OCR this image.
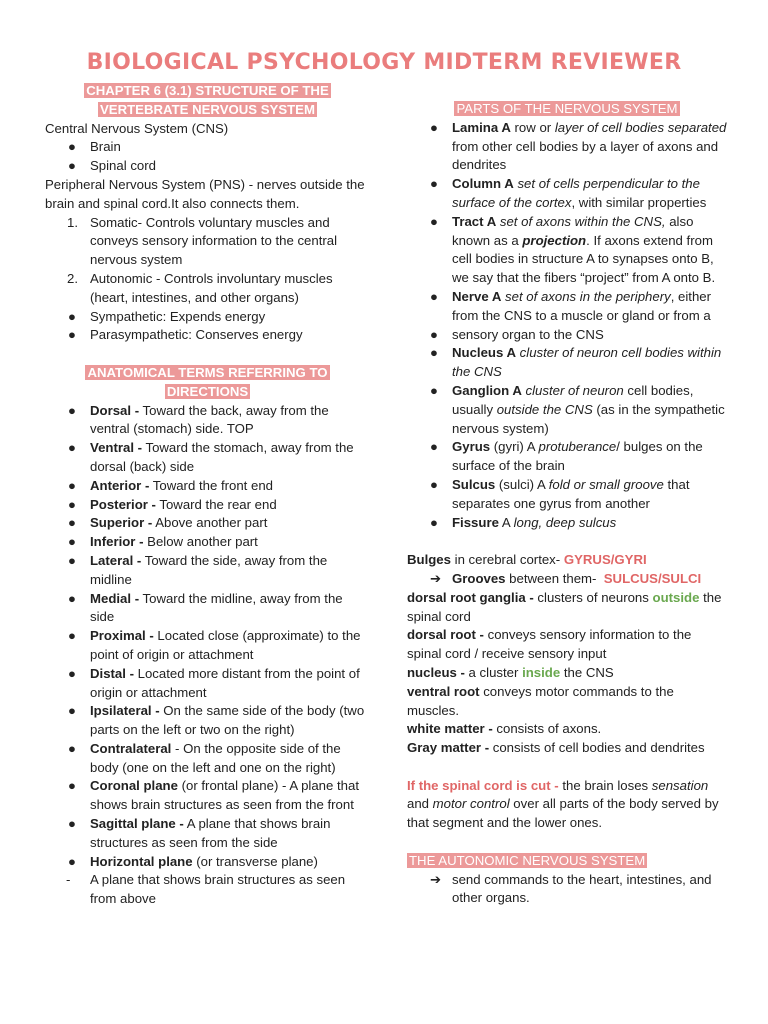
BIOLOGICAL PSYCHOLOGY MIDTERM REVIEWER

CHAPTER 6 (3.1) STRUCTURE OF THE
VERTEBRATE NERVOUS SYSTEM

Central Nervous System (CNS)

● Brain
● Spinal cord

Peripheral Nervous System (PNS) - nerves outside the brain and spinal cord.It also connects them.

1. Somatic- Controls voluntary muscles and conveys sensory information to the central nervous system
2. Autonomic - Controls involuntary muscles (heart, intestines, and other organs)
● Sympathetic: Expends energy
● Parasympathetic: Conserves energy

ANATOMICAL TERMS REFERRING TO
DIRECTIONS

● Dorsal - Toward the back, away from the ventral (stomach) side. TOP
● Ventral - Toward the stomach, away from the dorsal (back) side
● Anterior - Toward the front end
● Posterior - Toward the rear end
● Superior - Above another part
● Inferior - Below another part
● Lateral - Toward the side, away from the midline
● Medial - Toward the midline, away from the side
● Proximal - Located close (approximate) to the point of origin or attachment
● Distal - Located more distant from the point of origin or attachment
● Ipsilateral - On the same side of the body (two parts on the left or two on the right)
● Contralateral - On the opposite side of the body (one on the left and one on the right)
● Coronal plane (or frontal plane) - A plane that shows brain structures as seen from the front
● Sagittal plane - A plane that shows brain structures as seen from the side
● Horizontal plane (or transverse plane)
- A plane that shows brain structures as seen from above

PARTS OF THE NERVOUS SYSTEM

● Lamina A row or layer of cell bodies separated from other cell bodies by a layer of axons and dendrites
● Column A set of cells perpendicular to the surface of the cortex, with similar properties
● Tract A set of axons within the CNS, also known as a projection. If axons extend from cell bodies in structure A to synapses onto B, we say that the fibers “project” from A onto B.
● Nerve A set of axons in the periphery, either from the CNS to a muscle or gland or from a
● sensory organ to the CNS
● Nucleus A cluster of neuron cell bodies within the CNS
● Ganglion A cluster of neuron cell bodies, usually outside the CNS (as in the sympathetic nervous system)
● Gyrus (gyri) A protuberance/ bulges on the surface of the brain
● Sulcus (sulci) A fold or small groove that separates one gyrus from another
● Fissure A long, deep sulcus

Bulges in cerebral cortex- GYRUS/GYRI

➔ Grooves between them-  SULCUS/SULCI

dorsal root ganglia - clusters of neurons outside the spinal cord

dorsal root - conveys sensory information to the spinal cord / receive sensory input

nucleus - a cluster inside the CNS

ventral root conveys motor commands to the muscles.

white matter - consists of axons.

Gray matter - consists of cell bodies and dendrites

If the spinal cord is cut - the brain loses sensation and motor control over all parts of the body served by that segment and the lower ones.

THE AUTONOMIC NERVOUS SYSTEM

➔ send commands to the heart, intestines, and other organs.
